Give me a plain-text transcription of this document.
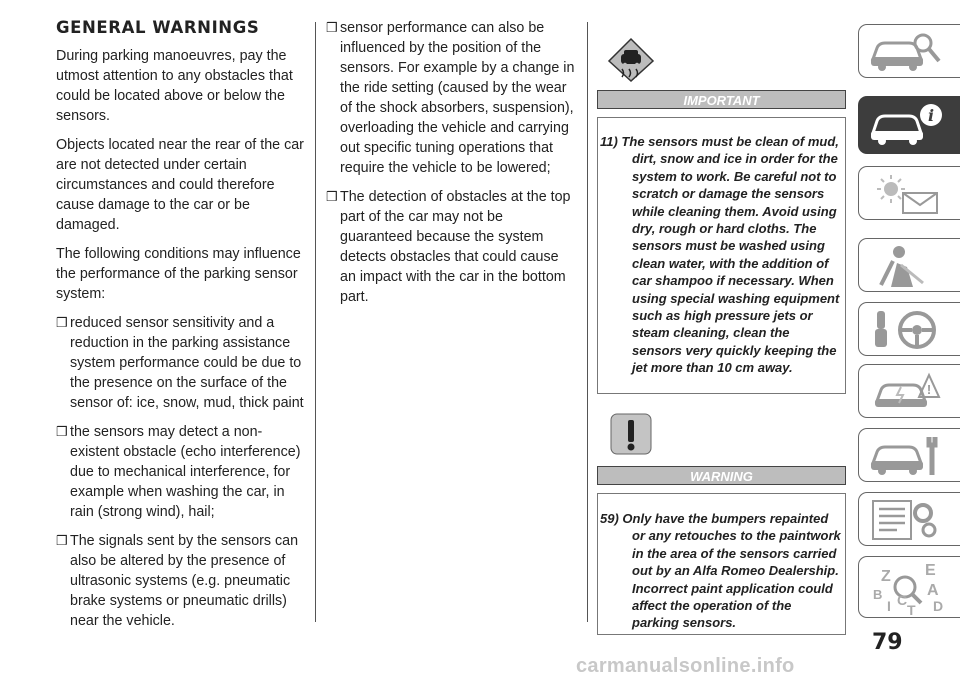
GENERAL WARNINGS

During parking manoeuvres, pay the utmost attention to any obstacles that could be located above or below the sensors.

Objects located near the rear of the car are not detected under certain circumstances and could therefore cause damage to the car or be damaged.

The following conditions may influence the performance of the parking sensor system:

❒ reduced sensor sensitivity and a reduction in the parking assistance system performance could be due to the presence on the surface of the sensor of: ice, snow, mud, thick paint
❒ the sensors may detect a non-existent obstacle (echo interference) due to mechanical interference, for example when washing the car, in rain (strong wind), hail;
❒ The signals sent by the sensors can also be altered by the presence of ultrasonic systems (e.g. pneumatic brake systems or pneumatic drills) near the vehicle.
❒ sensor performance can also be influenced by the position of the sensors. For example by a change in the ride setting (caused by the wear of the shock absorbers, suspension), overloading the vehicle and carrying out specific tuning operations that require the vehicle to be lowered;
❒ The detection of obstacles at the top part of the car may not be guaranteed because the system detects obstacles that could cause an impact with the car in the bottom part.
IMPORTANT

11) The sensors must be clean of mud, dirt, snow and ice in order for the system to work. Be careful not to scratch or damage the sensors while cleaning them. Avoid using dry, rough or hard cloths. The sensors must be washed using clean water, with the addition of car shampoo if necessary. When using special washing equipment such as high pressure jets or steam cleaning, clean the sensors very quickly keeping the jet more than 10 cm away.

WARNING

59) Only have the bumpers repainted or any retouches to the paintwork in the area of the sensors carried out by an Alfa Romeo Dealership. Incorrect paint application could affect the operation of the parking sensors.

i
!
Z
B
I C
T
E
A
D
79
carmanualsonline.info
